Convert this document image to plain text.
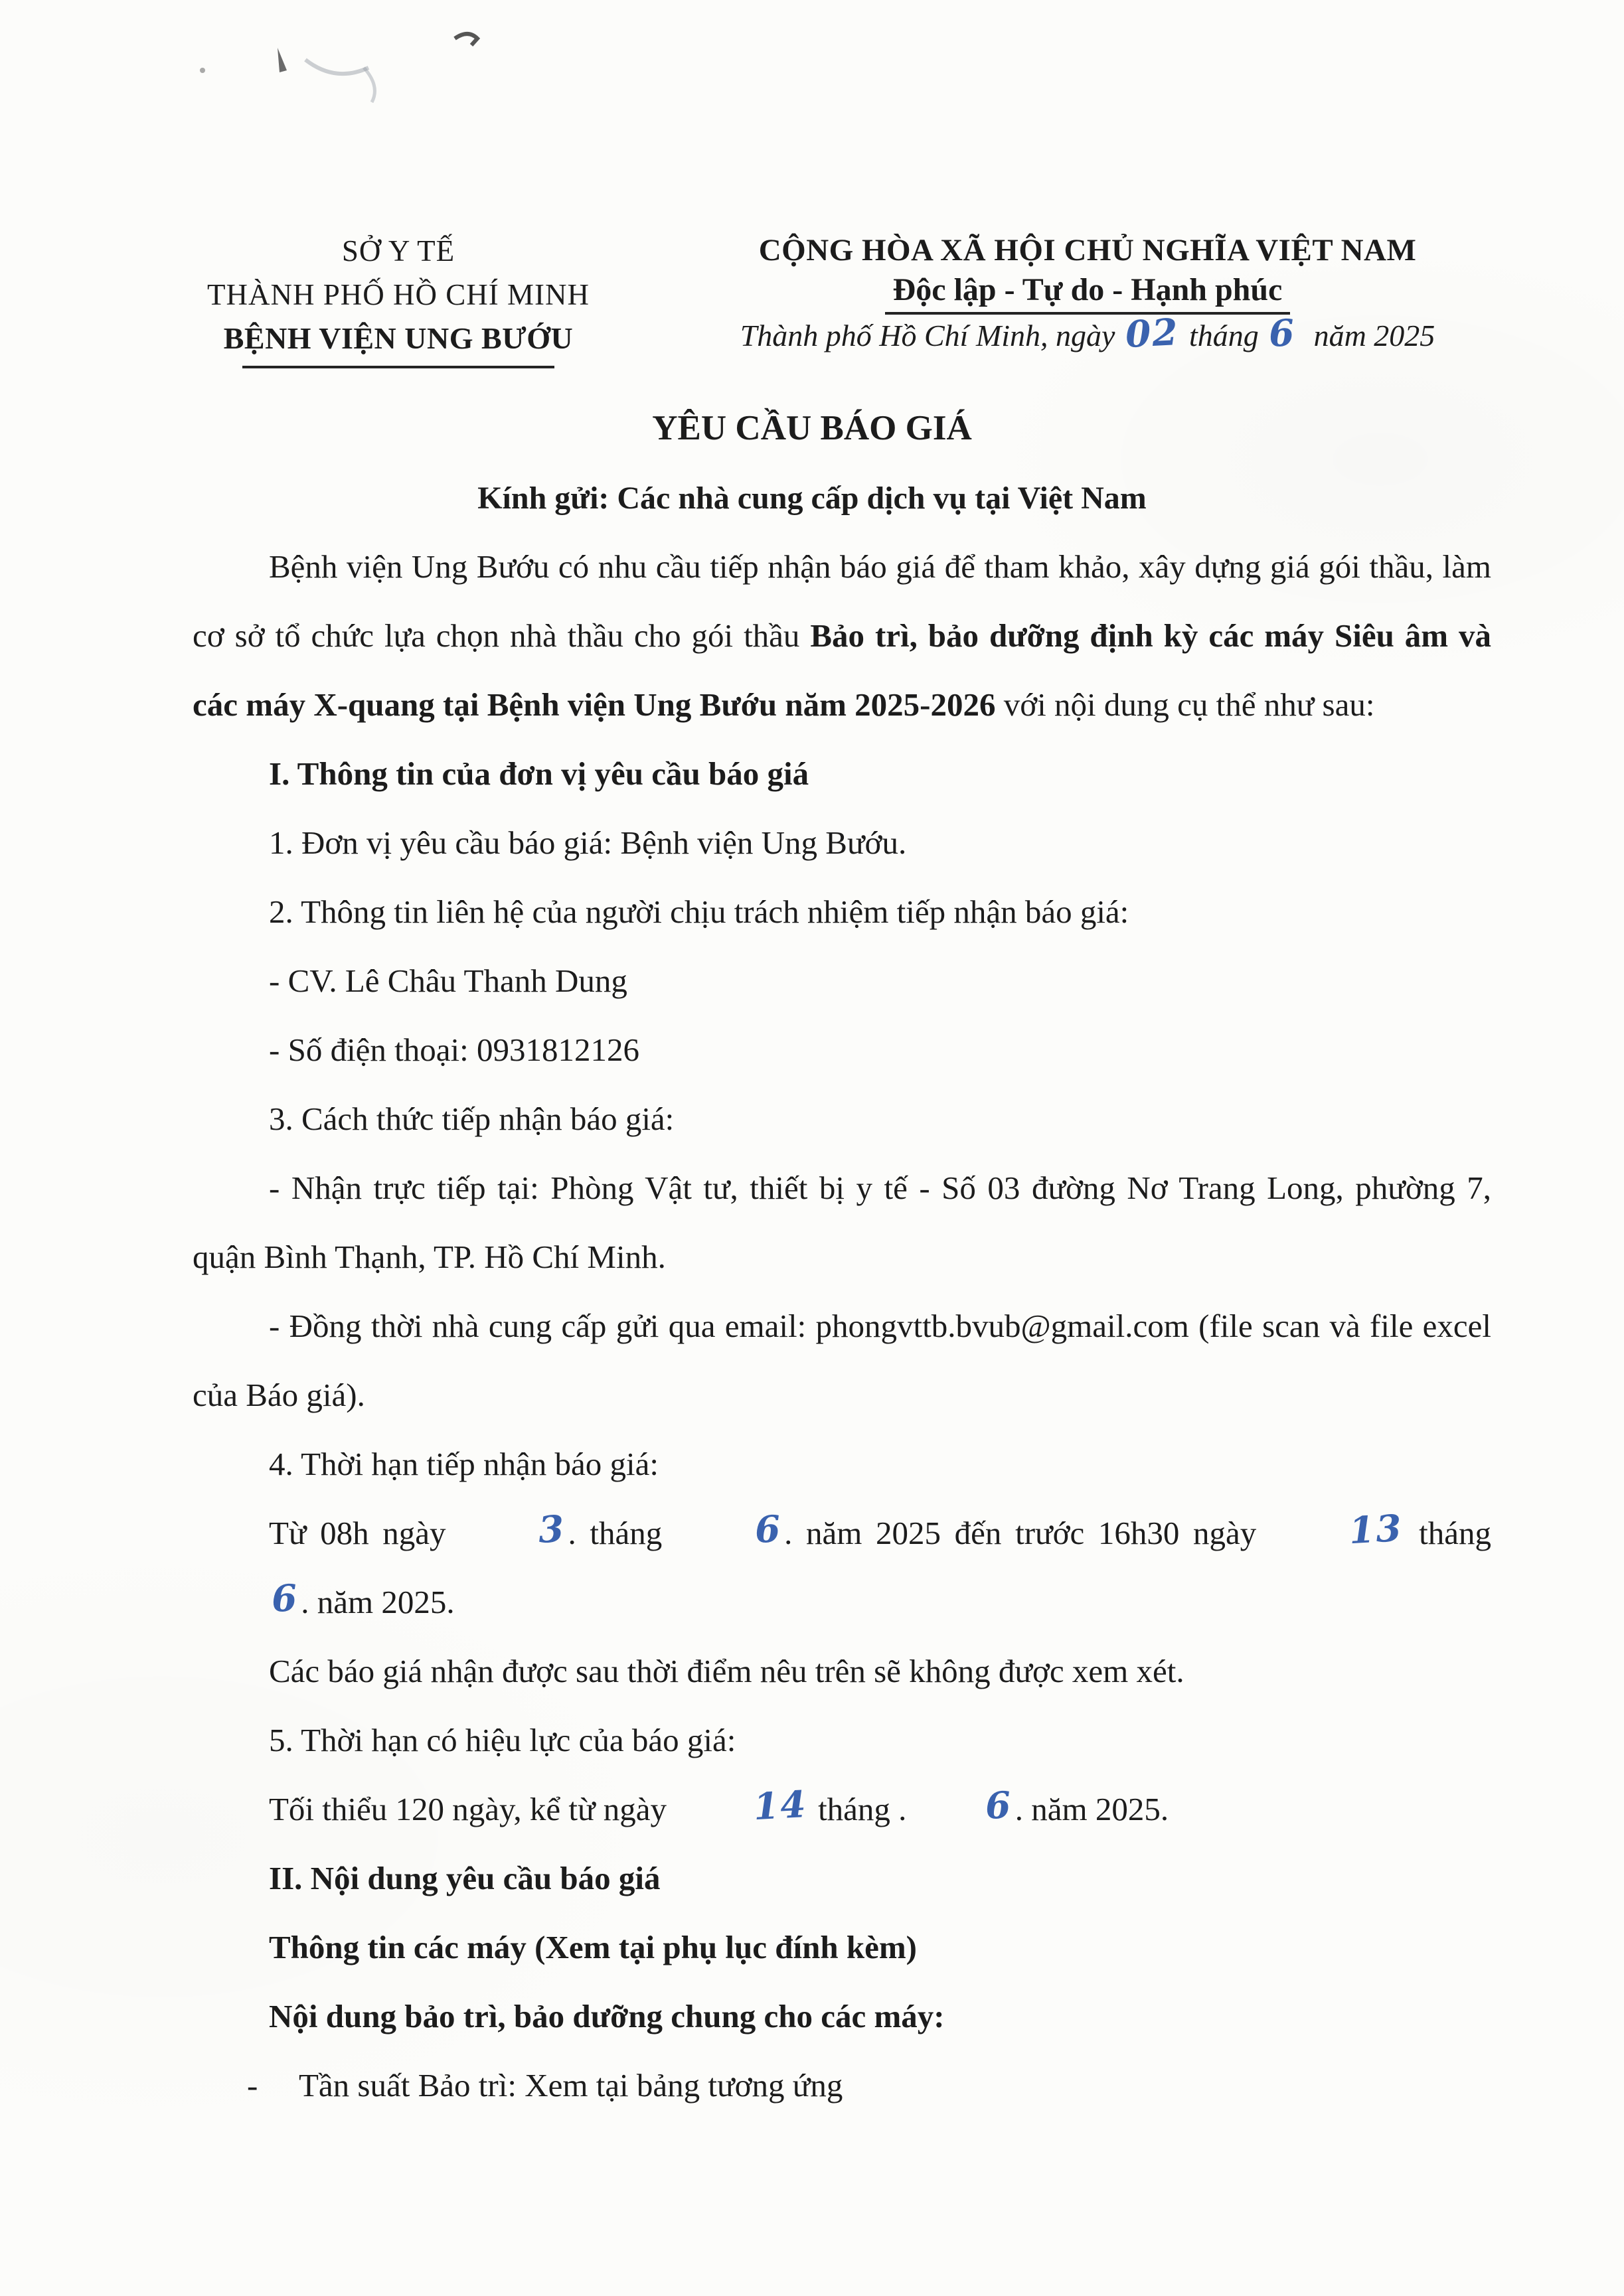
SỞ Y TẾ

THÀNH PHỐ HỒ CHÍ MINH

BỆNH VIỆN UNG BƯỚU

CỘNG HÒA XÃ HỘI CHỦ NGHĨA VIỆT NAM

Độc lập - Tự do - Hạnh phúc

Thành phố Hồ Chí Minh, ngày 02 tháng 6 năm 2025

YÊU CẦU BÁO GIÁ

Kính gửi: Các nhà cung cấp dịch vụ tại Việt Nam

Bệnh viện Ung Bướu có nhu cầu tiếp nhận báo giá để tham khảo, xây dựng giá gói thầu, làm cơ sở tổ chức lựa chọn nhà thầu cho gói thầu Bảo trì, bảo dưỡng định kỳ các máy Siêu âm và các máy X-quang tại Bệnh viện Ung Bướu năm 2025-2026 với nội dung cụ thể như sau:

I. Thông tin của đơn vị yêu cầu báo giá

1. Đơn vị yêu cầu báo giá: Bệnh viện Ung Bướu.

2. Thông tin liên hệ của người chịu trách nhiệm tiếp nhận báo giá:

- CV. Lê Châu Thanh Dung

- Số điện thoại: 0931812126

3. Cách thức tiếp nhận báo giá:

- Nhận trực tiếp tại: Phòng Vật tư, thiết bị y tế - Số 03 đường Nơ Trang Long, phường 7, quận Bình Thạnh, TP. Hồ Chí Minh.

- Đồng thời nhà cung cấp gửi qua email: phongvttb.bvub@gmail.com (file scan và file excel của Báo giá).

4. Thời hạn tiếp nhận báo giá:

Từ 08h ngày 3. tháng 6. năm 2025 đến trước 16h30 ngày 13 tháng 6. năm 2025.

Các báo giá nhận được sau thời điểm nêu trên sẽ không được xem xét.

5. Thời hạn có hiệu lực của báo giá:

Tối thiểu 120 ngày, kể từ ngày 14 tháng . 6. năm 2025.

II. Nội dung yêu cầu báo giá

Thông tin các máy (Xem tại phụ lục đính kèm)

Nội dung bảo trì, bảo dưỡng chung cho các máy:

- Tần suất Bảo trì: Xem tại bảng tương ứng
